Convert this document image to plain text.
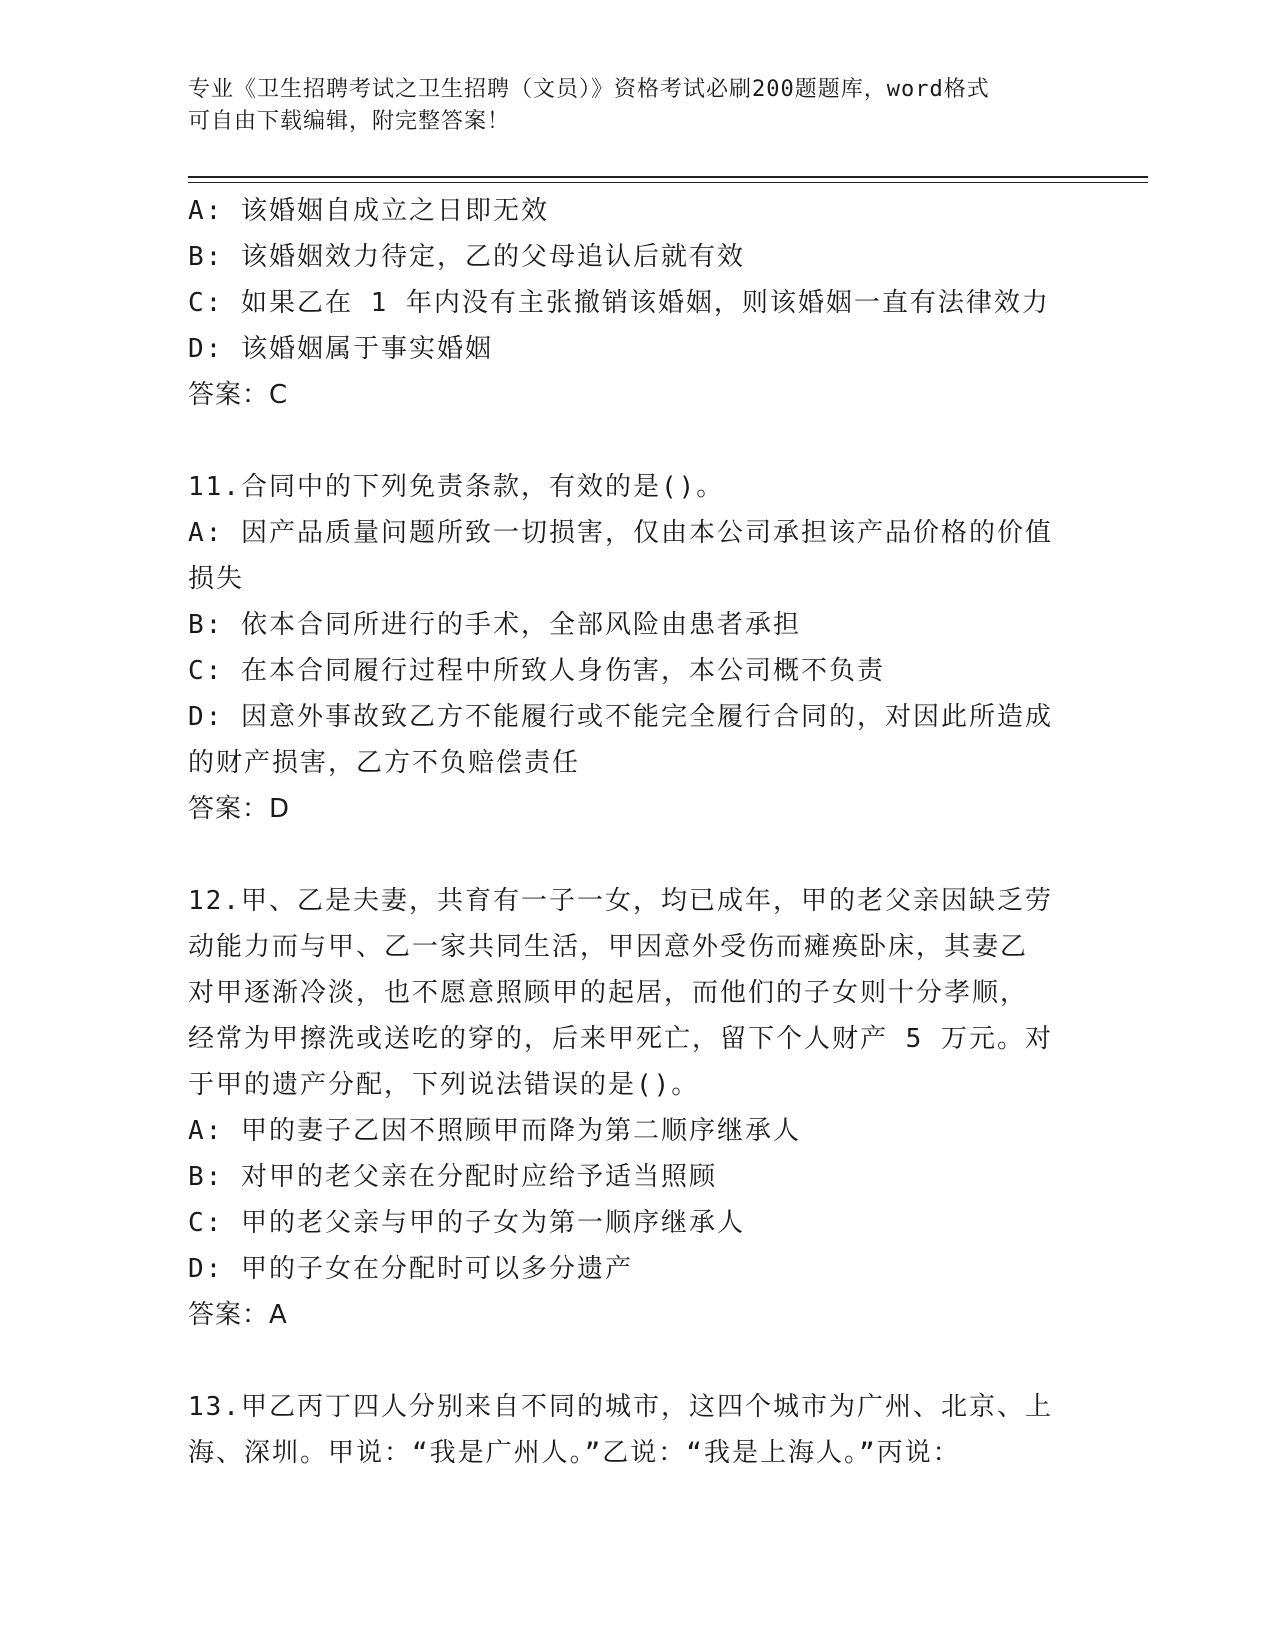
专业《卫生招聘考试之卫生招聘（文员）》资格考试必刷200题题库，word格式
可自由下载编辑，附完整答案！
A: 该婚姻自成立之日即无效
B: 该婚姻效力待定，乙的父母追认后就有效
C: 如果乙在 1 年内没有主张撤销该婚姻，则该婚姻一直有法律效力
D: 该婚姻属于事实婚姻
答案：C
11.合同中的下列免责条款，有效的是()。
A: 因产品质量问题所致一切损害，仅由本公司承担该产品价格的价值
损失
B: 依本合同所进行的手术，全部风险由患者承担
C: 在本合同履行过程中所致人身伤害，本公司概不负责
D: 因意外事故致乙方不能履行或不能完全履行合同的，对因此所造成
的财产损害，乙方不负赔偿责任
答案：D
12.甲、乙是夫妻，共育有一子一女，均已成年，甲的老父亲因缺乏劳
动能力而与甲、乙一家共同生活，甲因意外受伤而瘫痪卧床，其妻乙
对甲逐渐冷淡，也不愿意照顾甲的起居，而他们的子女则十分孝顺，
经常为甲擦洗或送吃的穿的，后来甲死亡，留下个人财产 5 万元。对
于甲的遗产分配，下列说法错误的是()。
A: 甲的妻子乙因不照顾甲而降为第二顺序继承人
B: 对甲的老父亲在分配时应给予适当照顾
C: 甲的老父亲与甲的子女为第一顺序继承人
D: 甲的子女在分配时可以多分遗产
答案：A
13.甲乙丙丁四人分别来自不同的城市，这四个城市为广州、北京、上
海、深圳。甲说：“我是广州人。”乙说：“我是上海人。”丙说：
